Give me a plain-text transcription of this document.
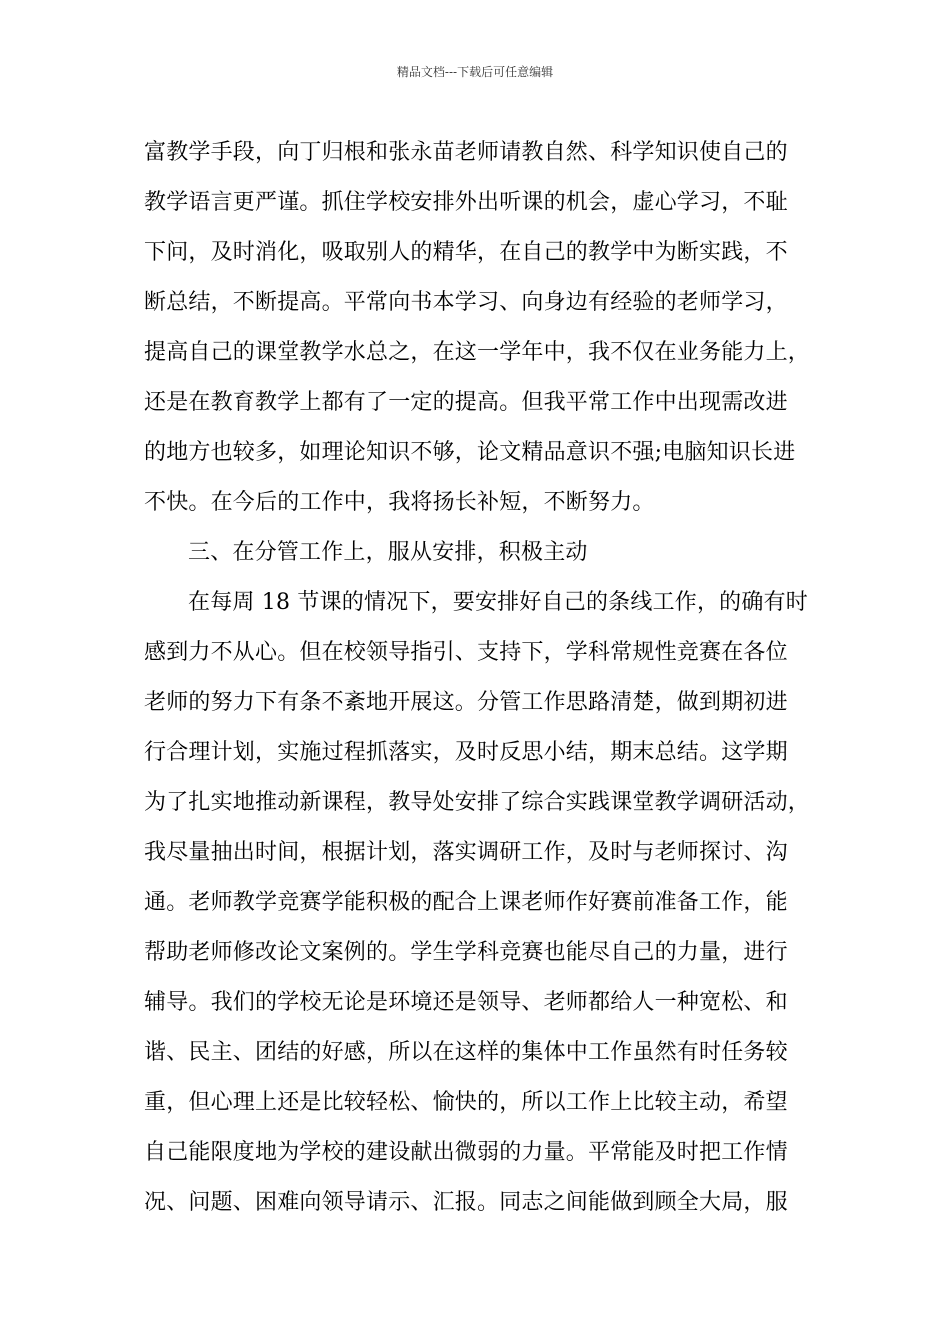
精品文档---下载后可任意编辑
富教学手段，向丁归根和张永苗老师请教自然、科学知识使自己的
教学语言更严谨。抓住学校安排外出听课的机会，虚心学习，不耻
下问，及时消化，吸取别人的精华，在自己的教学中为断实践，不
断总结，不断提高。平常向书本学习、向身边有经验的老师学习，
提高自己的课堂教学水总之，在这一学年中，我不仅在业务能力上，
还是在教育教学上都有了一定的提高。但我平常工作中出现需改进
的地方也较多，如理论知识不够，论文精品意识不强;电脑知识长进
不快。在今后的工作中，我将扬长补短，不断努力。
三、在分管工作上，服从安排，积极主动
在每周 18 节课的情况下，要安排好自己的条线工作，的确有时
感到力不从心。但在校领导指引、支持下，学科常规性竞赛在各位
老师的努力下有条不紊地开展这。分管工作思路清楚，做到期初进
行合理计划，实施过程抓落实，及时反思小结，期末总结。这学期
为了扎实地推动新课程，教导处安排了综合实践课堂教学调研活动，
我尽量抽出时间，根据计划，落实调研工作，及时与老师探讨、沟
通。老师教学竞赛学能积极的配合上课老师作好赛前准备工作，能
帮助老师修改论文案例的。学生学科竞赛也能尽自己的力量，进行
辅导。我们的学校无论是环境还是领导、老师都给人一种宽松、和
谐、民主、团结的好感，所以在这样的集体中工作虽然有时任务较
重，但心理上还是比较轻松、愉快的，所以工作上比较主动，希望
自己能限度地为学校的建设献出微弱的力量。平常能及时把工作情
况、问题、困难向领导请示、汇报。同志之间能做到顾全大局，服
